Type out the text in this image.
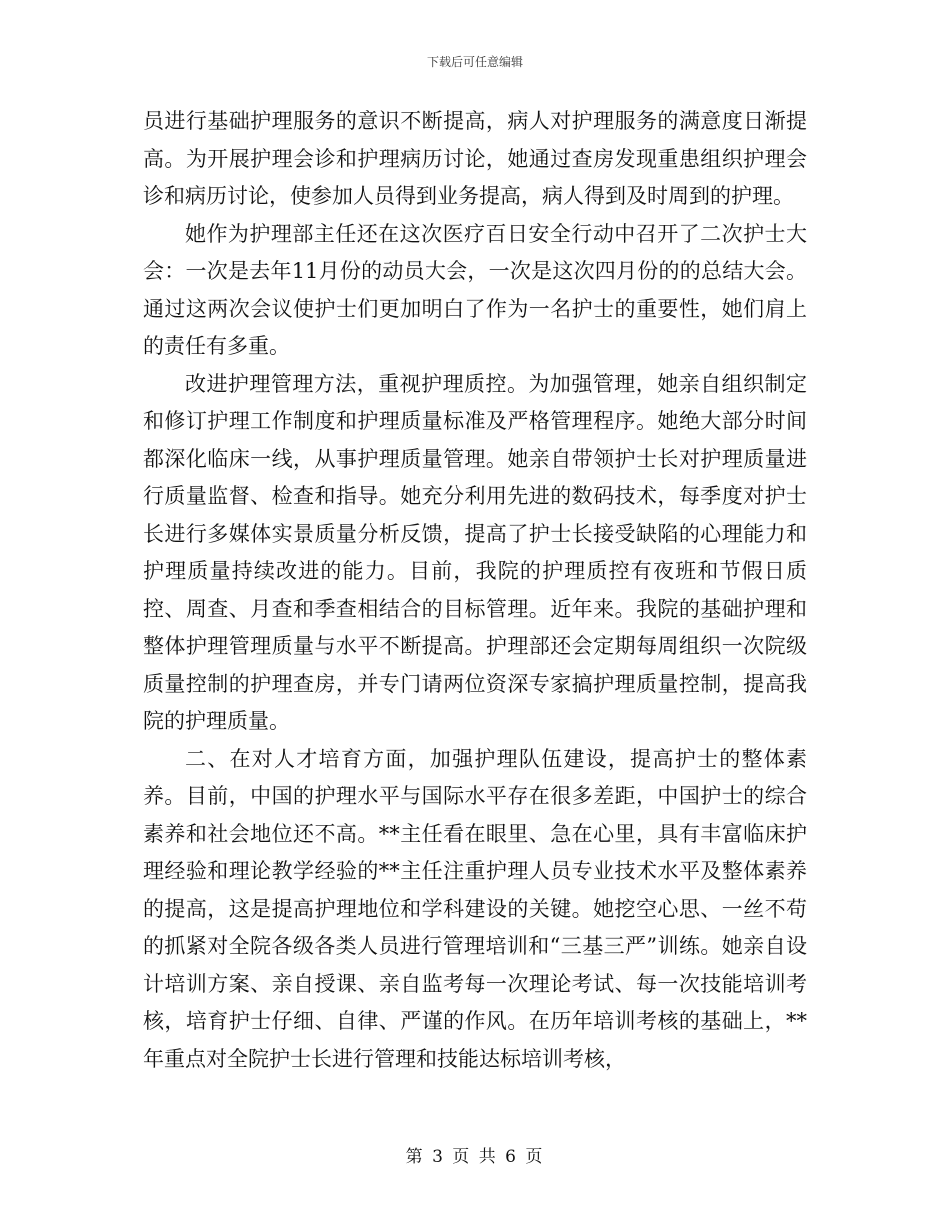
下载后可任意编辑

员进行基础护理服务的意识不断提高，病人对护理服务的满意度日渐提高。为开展护理会诊和护理病历讨论，她通过查房发现重患组织护理会诊和病历讨论，使参加人员得到业务提高，病人得到及时周到的护理。

她作为护理部主任还在这次医疗百日安全行动中召开了二次护士大会：一次是去年11月份的动员大会，一次是这次四月份的的总结大会。通过这两次会议使护士们更加明白了作为一名护士的重要性，她们肩上的责任有多重。

改进护理管理方法，重视护理质控。为加强管理，她亲自组织制定和修订护理工作制度和护理质量标准及严格管理程序。她绝大部分时间都深化临床一线，从事护理质量管理。她亲自带领护士长对护理质量进行质量监督、检查和指导。她充分利用先进的数码技术，每季度对护士长进行多媒体实景质量分析反馈，提高了护士长接受缺陷的心理能力和护理质量持续改进的能力。目前，我院的护理质控有夜班和节假日质控、周查、月查和季查相结合的目标管理。近年来。我院的基础护理和整体护理管理质量与水平不断提高。护理部还会定期每周组织一次院级质量控制的护理查房，并专门请两位资深专家搞护理质量控制，提高我院的护理质量。

二、在对人才培育方面，加强护理队伍建设，提高护士的整体素养。目前，中国的护理水平与国际水平存在很多差距，中国护士的综合素养和社会地位还不高。**主任看在眼里、急在心里，具有丰富临床护理经验和理论教学经验的**主任注重护理人员专业技术水平及整体素养的提高，这是提高护理地位和学科建设的关键。她挖空心思、一丝不苟的抓紧对全院各级各类人员进行管理培训和“三基三严”训练。她亲自设计培训方案、亲自授课、亲自监考每一次理论考试、每一次技能培训考核，培育护士仔细、自律、严谨的作风。在历年培训考核的基础上，**年重点对全院护士长进行管理和技能达标培训考核，

第 3 页 共 6 页
